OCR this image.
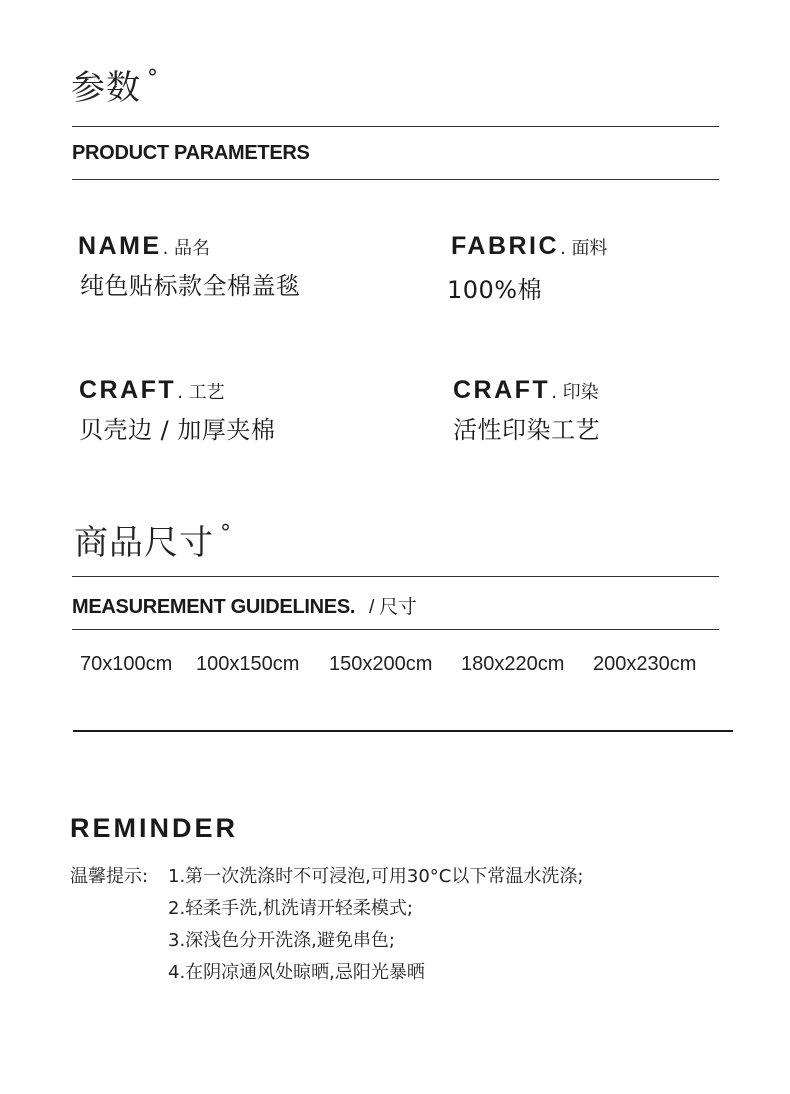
参数 °
PRODUCT PARAMETERS
NAME. 品名
纯色贴标款全棉盖毯
FABRIC. 面料
100%棉
CRAFT. 工艺
贝壳边 / 加厚夹棉
CRAFT. 印染
活性印染工艺
商品尺寸 °
MEASUREMENT GUIDELINES. / 尺寸
70x100cm 100x150cm 150x200cm 180x220cm 200x230cm
REMINDER
温馨提示: 1.第一次洗涤时不可浸泡,可用30°C以下常温水洗涤;
2.轻柔手洗,机洗请开轻柔模式;
3.深浅色分开洗涤,避免串色;
4.在阴凉通风处晾晒,忌阳光暴晒
